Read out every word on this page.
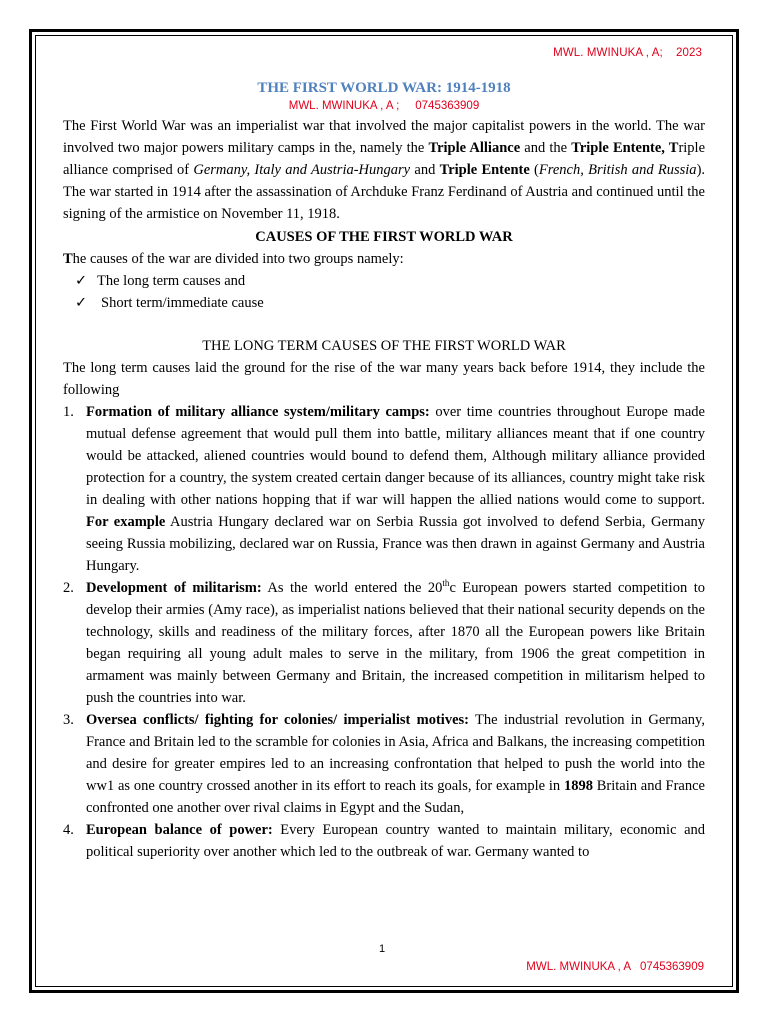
MWL. MWINUKA , A;    2023
THE FIRST WORLD WAR: 1914-1918
MWL. MWINUKA , A ;     0745363909

The First World War was an imperialist war that involved the major capitalist powers in the world. The war involved two major powers military camps in the, namely the Triple Alliance and the Triple Entente, Triple alliance comprised of Germany, Italy and Austria-Hungary and Triple Entente (French, British and Russia). The war started in 1914 after the assassination of Archduke Franz Ferdinand of Austria and continued until the signing of the armistice on November 11, 1918.

CAUSES OF THE FIRST WORLD WAR

The causes of the war are divided into two groups namely:

✓ The long term causes and
✓ Short term/immediate cause
THE LONG TERM CAUSES OF THE FIRST WORLD WAR

The long term causes laid the ground for the rise of the war many years back before 1914, they include the following

1. Formation of military alliance system/military camps: over time countries throughout Europe made mutual defense agreement that would pull them into battle, military alliances meant that if one country would be attacked, aliened countries would bound to defend them, Although military alliance provided protection for a country, the system created certain danger because of its alliances, country might take risk in dealing with other nations hopping that if war will happen the allied nations would come to support. For example Austria Hungary declared war on Serbia Russia got involved to defend Serbia, Germany seeing Russia mobilizing, declared war on Russia, France was then drawn in against Germany and Austria Hungary.
2. Development of militarism: As the world entered the 20thc European powers started competition to develop their armies (Amy race), as imperialist nations believed that their national security depends on the technology, skills and readiness of the military forces, after 1870 all the European powers like Britain began requiring all young adult males to serve in the military, from 1906 the great competition in armament was mainly between Germany and Britain, the increased competition in militarism helped to push the countries into war.
3. Oversea conflicts/ fighting for colonies/ imperialist motives: The industrial revolution in Germany, France and Britain led to the scramble for colonies in Asia, Africa and Balkans, the increasing competition and desire for greater empires led to an increasing confrontation that helped to push the world into the ww1 as one country crossed another in its effort to reach its goals, for example in 1898 Britain and France confronted one another over rival claims in Egypt and the Sudan,
4. European balance of power: Every European country wanted to maintain military, economic and political superiority over another which led to the outbreak of war. Germany wanted to
1
MWL. MWINUKA , A   0745363909
